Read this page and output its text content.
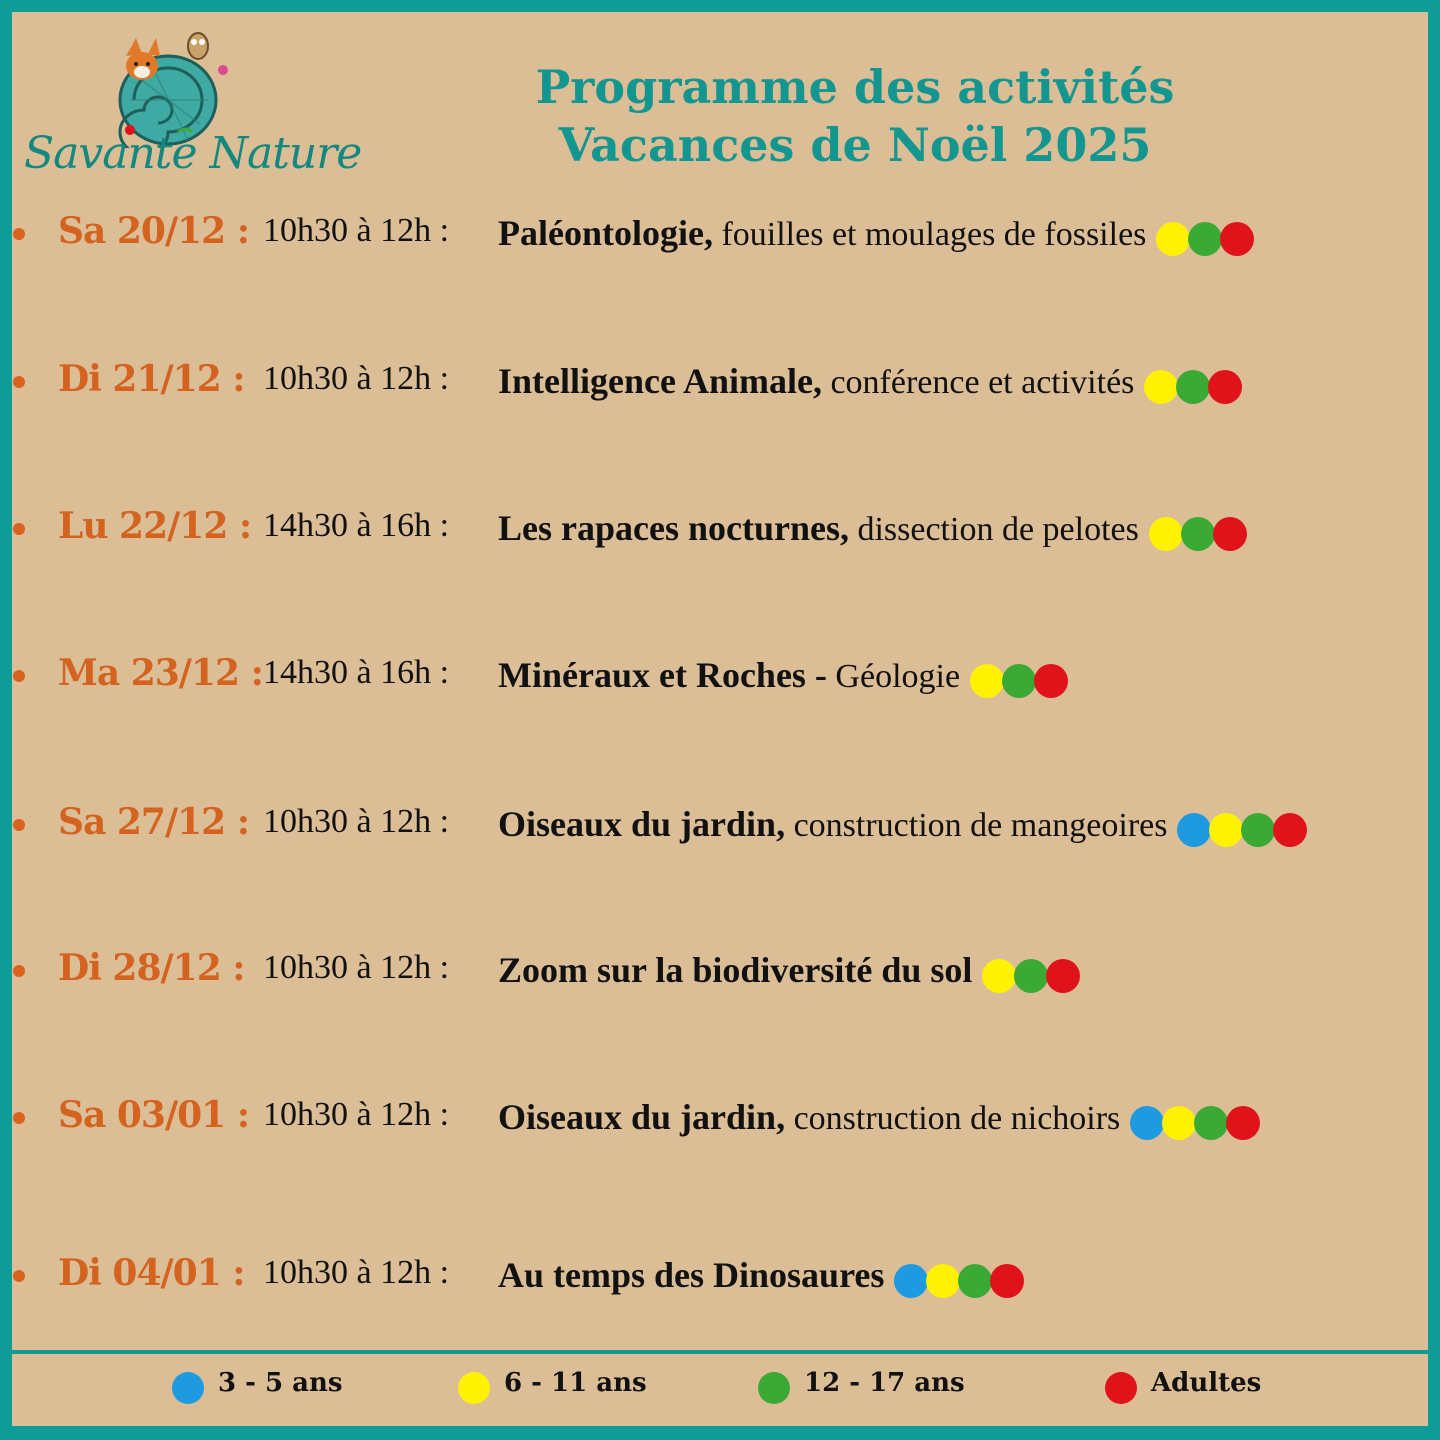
Savante Nature
Programme des activités
Vacances de Noël 2025
Sa 20/12 : 10h30 à 12h : Paléontologie, fouilles et moulages de fossiles
Di 21/12 : 10h30 à 12h : Intelligence Animale, conférence et activités
Lu 22/12 : 14h30 à 16h : Les rapaces nocturnes, dissection de pelotes
Ma 23/12 : 14h30 à 16h : Minéraux et Roches - Géologie
Sa 27/12 : 10h30 à 12h : Oiseaux du jardin, construction de mangeoires
Di 28/12 : 10h30 à 12h : Zoom sur la biodiversité du sol
Sa 03/01 : 10h30 à 12h : Oiseaux du jardin, construction de nichoirs
Di 04/01 : 10h30 à 12h : Au temps des Dinosaures
3 - 5 ans	6 - 11 ans	12 - 17 ans	Adultes
